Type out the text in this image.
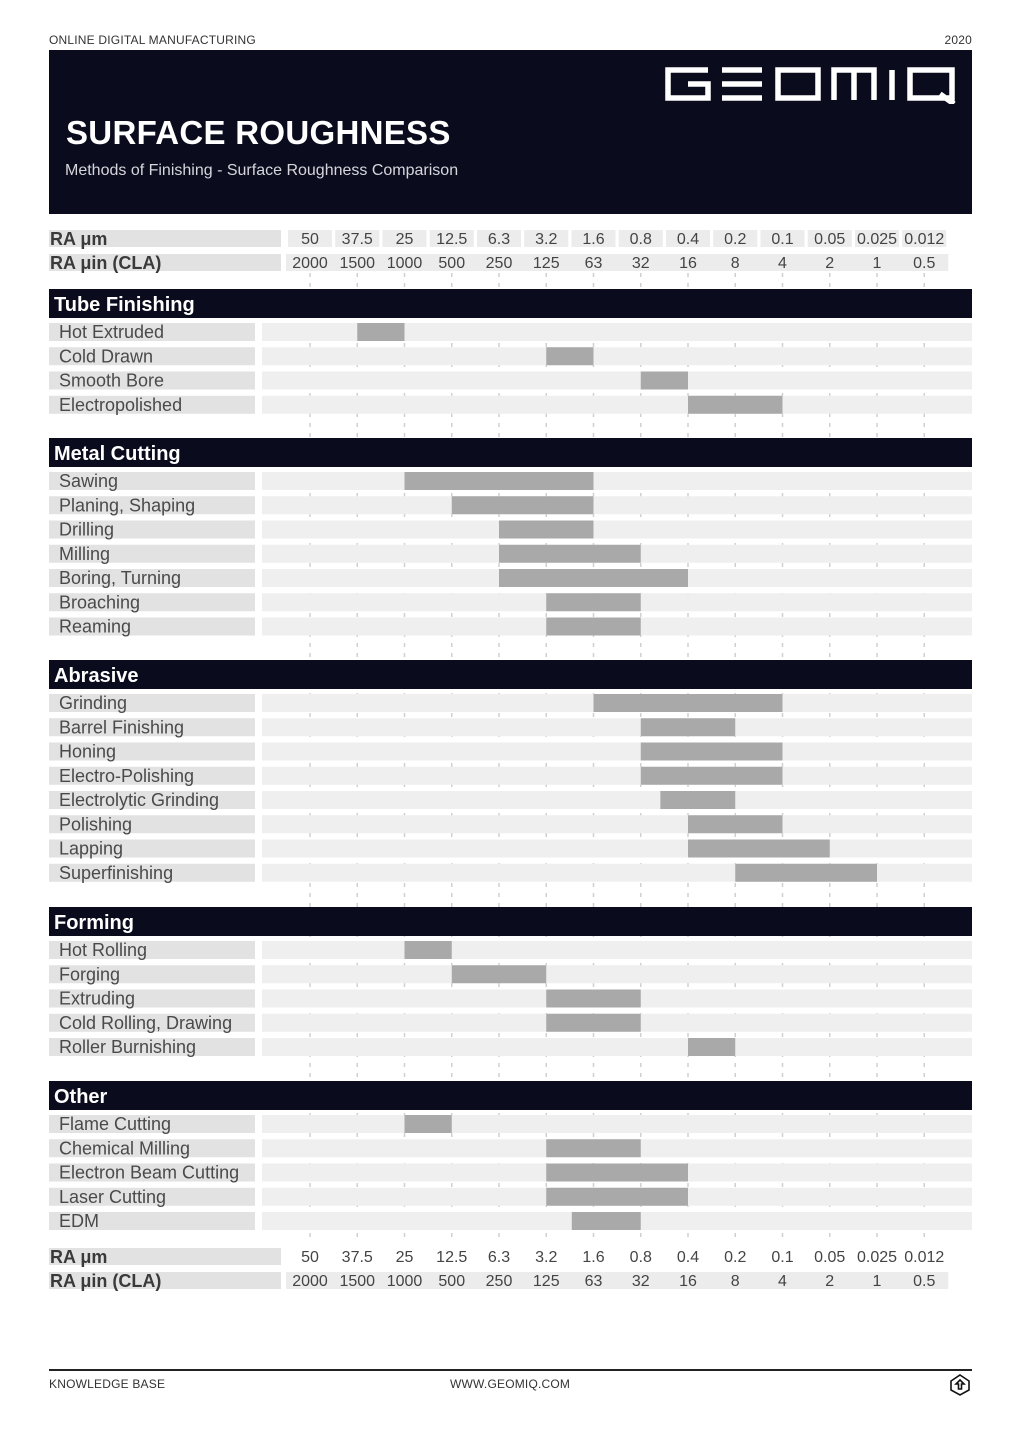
ONLINE DIGITAL MANUFACTURING	2020
SURFACE ROUGHNESS
Methods of Finishing - Surface Roughness Comparison
RA μm	50 37.5 25 12.5 6.3 3.2 1.6 0.8 0.4 0.2 0.1 0.05 0.025 0.012
RA μin (CLA)	2000 1500 1000 500 250 125 63 32 16 8 4 2 1 0.5
Tube Finishing
Hot Extruded
Cold Drawn
Smooth Bore
Electropolished
Metal Cutting
Sawing
Planing, Shaping
Drilling
Milling
Boring, Turning
Broaching
Reaming
Abrasive
Grinding
Barrel Finishing
Honing
Electro-Polishing
Electrolytic Grinding
Polishing
Lapping
Superfinishing
Forming
Hot Rolling
Forging
Extruding
Cold Rolling, Drawing
Roller Burnishing
Other
Flame Cutting
Chemical Milling
Electron Beam Cutting
Laser Cutting
EDM
RA μm	50 37.5 25 12.5 6.3 3.2 1.6 0.8 0.4 0.2 0.1 0.05 0.025 0.012
RA μin (CLA)	2000 1500 1000 500 250 125 63 32 16 8 4 2 1 0.5
KNOWLEDGE BASE	WWW.GEOMIQ.COM
